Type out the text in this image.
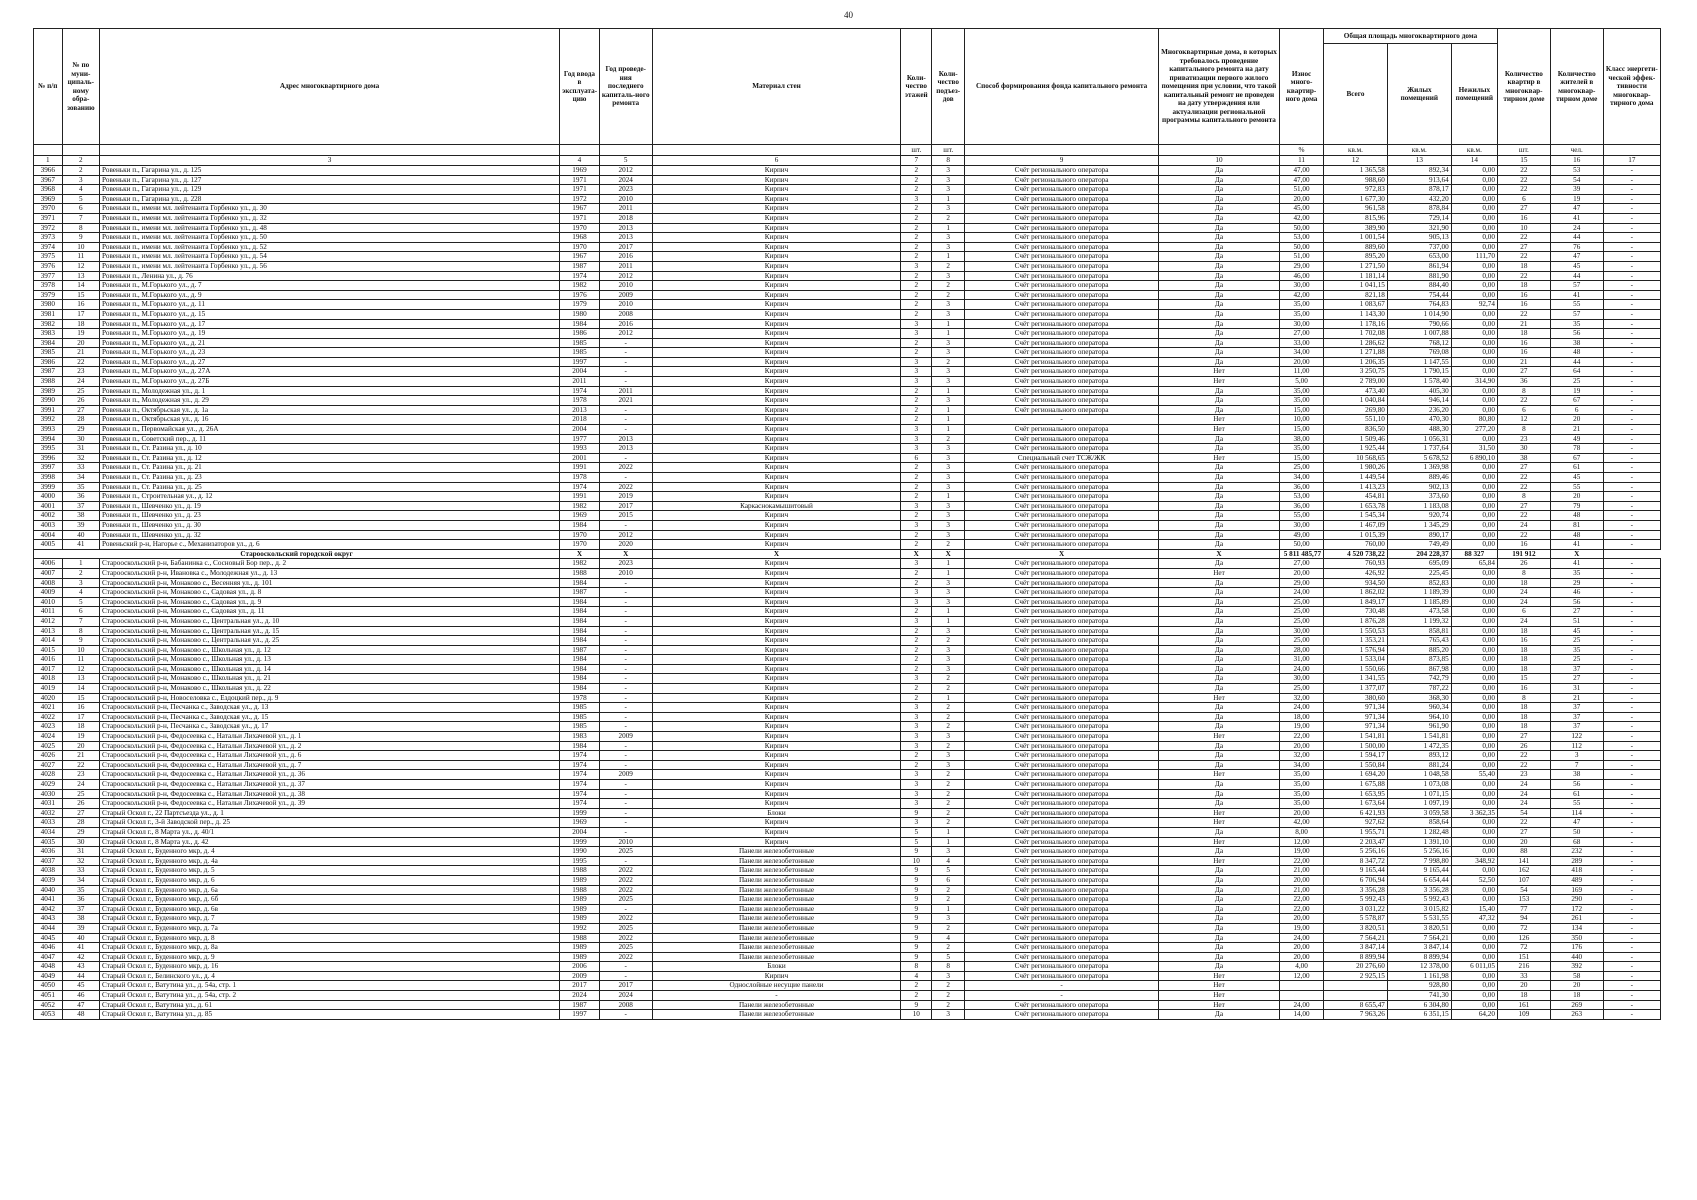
40
№ п/п	№ по муни-ципаль-ному обра-зованию	Адрес многоквартирного дома	Год ввода в эксплуата-цию	Год проведе-ния последнего капиталь-ного ремонта	Материал стен	Коли-чество этажей	Коли-чество подъез-дов	Способ формирования фонда капитального ремонта	Многоквартирные дома, в которых требовалось проведение капитального ремонта на дату приватизации первого жилого помещения при условии, что такой капитальный ремонт не проведен на дату утверждения или актуализации региональной программы капитального ремонта	Износ много-квартир-ного дома	Общая площадь многоквартирного дома			Количество квартир в многоквар-тирном доме	Количество жителей в многоквар-тирном доме	Класс энергети-ческой эффек-тивности многоквар-тирного дома
											Всего	Жилых помещений	Нежилых помещений			
						шт.	шт.			%	кв.м.	кв.м.	кв.м.	шт.	чел.	
1	2	3	4	5	6	7	8	9	10	11	12	13	14	15	16	17
3966	2	Ровеньки п., Гагарина ул., д. 125	1969	2012	Кирпич	2	3	Счёт регионального оператора	Да	47,00	1 365,58	892,34	0,00	22	53	-
3967	3	Ровеньки п., Гагарина ул., д. 127	1971	2024	Кирпич	2	3	Счёт регионального оператора	Да	47,00	988,60	913,64	0,00	22	54	-
3968	4	Ровеньки п., Гагарина ул., д. 129	1971	2023	Кирпич	2	3	Счёт регионального оператора	Да	51,00	972,83	878,17	0,00	22	39	-
3969	5	Ровеньки п., Гагарина ул., д. 228	1972	2010	Кирпич	3	1	Счёт регионального оператора	Да	20,00	1 677,30	432,20	0,00	6	19	-
3970	6	Ровеньки п., имени мл. лейтенанта Горбенко ул., д. 30	1967	2011	Кирпич	2	3	Счёт регионального оператора	Да	45,00	961,58	878,84	0,00	27	47	-
3971	7	Ровеньки п., имени мл. лейтенанта Горбенко ул., д. 32	1971	2018	Кирпич	2	2	Счёт регионального оператора	Да	42,00	815,96	729,14	0,00	16	41	-
3972	8	Ровеньки п., имени мл. лейтенанта Горбенко ул., д. 48	1970	2013	Кирпич	2	1	Счёт регионального оператора	Да	50,00	389,90	321,90	0,00	10	24	-
3973	9	Ровеньки п., имени мл. лейтенанта Горбенко ул., д. 50	1968	2013	Кирпич	2	3	Счёт регионального оператора	Да	53,00	1 001,54	905,13	0,00	22	44	-
3974	10	Ровеньки п., имени мл. лейтенанта Горбенко ул., д. 52	1970	2017	Кирпич	2	3	Счёт регионального оператора	Да	50,00	889,60	737,00	0,00	27	76	-
3975	11	Ровеньки п., имени мл. лейтенанта Горбенко ул., д. 54	1967	2016	Кирпич	2	1	Счёт регионального оператора	Да	51,00	895,20	653,00	111,70	22	47	-
3976	12	Ровеньки п., имени мл. лейтенанта Горбенко ул., д. 56	1987	2011	Кирпич	3	2	Счёт регионального оператора	Да	29,00	1 271,50	861,94	0,00	18	45	-
3977	13	Ровеньки п., Ленина ул., д. 76	1974	2012	Кирпич	2	3	Счёт регионального оператора	Да	46,00	1 181,14	881,90	0,00	22	44	-
3978	14	Ровеньки п., М.Горького ул., д. 7	1982	2010	Кирпич	2	2	Счёт регионального оператора	Да	30,00	1 041,15	884,40	0,00	18	57	-
3979	15	Ровеньки п., М.Горького ул., д. 9	1976	2009	Кирпич	2	2	Счёт регионального оператора	Да	42,00	821,18	754,44	0,00	16	41	-
3980	16	Ровеньки п., М.Горького ул., д. 11	1979	2010	Кирпич	2	3	Счёт регионального оператора	Да	35,00	1 083,67	764,83	92,74	16	55	-
3981	17	Ровеньки п., М.Горького ул., д. 15	1980	2008	Кирпич	2	3	Счёт регионального оператора	Да	35,00	1 143,30	1 014,90	0,00	22	57	-
3982	18	Ровеньки п., М.Горького ул., д. 17	1984	2016	Кирпич	3	1	Счёт регионального оператора	Да	30,00	1 178,16	790,66	0,00	21	35	-
3983	19	Ровеньки п., М.Горького ул., д. 19	1986	2012	Кирпич	3	1	Счёт регионального оператора	Да	27,00	1 702,08	1 007,88	0,00	18	56	-
3984	20	Ровеньки п., М.Горького ул., д. 21	1985	-	Кирпич	2	3	Счёт регионального оператора	Да	33,00	1 286,62	768,12	0,00	16	38	-
3985	21	Ровеньки п., М.Горького ул., д. 23	1985	-	Кирпич	2	3	Счёт регионального оператора	Да	34,00	1 271,88	769,08	0,00	16	48	-
3986	22	Ровеньки п., М.Горького ул., д. 27	1997	-	Кирпич	3	2	Счёт регионального оператора	Да	20,00	1 206,35	1 147,55	0,00	21	44	-
3987	23	Ровеньки п., М.Горького ул., д. 27А	2004	-	Кирпич	3	3	Счёт регионального оператора	Нет	11,00	3 250,75	1 790,15	0,00	27	64	-
3988	24	Ровеньки п., М.Горького ул., д. 27Б	2011	-	Кирпич	3	3	Счёт регионального оператора	Нет	5,00	2 789,00	1 578,40	314,90	36	25	-
3989	25	Ровеньки п., Молодежная ул., д. 1	1974	2011	Кирпич	2	1	Счёт регионального оператора	Да	35,00	473,40	405,30	0,00	8	19	-
3990	26	Ровеньки п., Молодежная ул., д. 29	1978	2021	Кирпич	2	3	Счёт регионального оператора	Да	35,00	1 040,84	946,14	0,00	22	67	-
3991	27	Ровеньки п., Октябрьская ул., д. 1а	2013	-	Кирпич	2	1	Счёт регионального оператора	Да	15,00	269,80	236,20	0,00	6	6	-
3992	28	Ровеньки п., Октябрьская ул., д. 16	2018	-	Кирпич	2	1	-	Нет	10,00	551,10	470,30	80,80	12	20	-
3993	29	Ровеньки п., Первомайская ул., д. 26А	2004	-	Кирпич	3	1	Счёт регионального оператора	Нет	15,00	836,50	488,30	277,20	8	21	-
3994	30	Ровеньки п., Советский пер., д. 11	1977	2013	Кирпич	3	2	Счёт регионального оператора	Да	38,00	1 509,46	1 056,31	0,00	23	49	-
3995	31	Ровеньки п., Ст. Разина ул., д. 10	1993	2013	Кирпич	3	3	Счёт регионального оператора	Да	35,00	1 925,44	1 737,64	31,50	30	78	-
3996	32	Ровеньки п., Ст. Разина ул., д. 12	2001	-	Кирпич	6	3	Специальный счет ТСЖ/ЖК	Нет	15,00	10 568,65	5 678,52	6 890,10	38	67	-
3997	33	Ровеньки п., Ст. Разина ул., д. 21	1991	2022	Кирпич	2	3	Счёт регионального оператора	Да	25,00	1 980,26	1 369,98	0,00	27	61	-
3998	34	Ровеньки п., Ст. Разина ул., д. 23	1978	-	Кирпич	2	3	Счёт регионального оператора	Да	34,00	1 449,54	889,46	0,00	22	45	-
3999	35	Ровеньки п., Ст. Разина ул., д. 25	1974	2022	Кирпич	2	3	Счёт регионального оператора	Да	36,00	1 413,23	902,13	0,00	22	55	-
4000	36	Ровеньки п., Строительная ул., д. 12	1991	2019	Кирпич	2	1	Счёт регионального оператора	Да	53,00	454,81	373,60	0,00	8	20	-
4001	37	Ровеньки п., Шевченко ул., д. 19	1982	2017	Каркаснокамышитовый	3	3	Счёт регионального оператора	Да	36,00	1 653,78	1 183,08	0,00	27	79	-
4002	38	Ровеньки п., Шевченко ул., д. 23	1969	2015	Кирпич	2	3	Счёт регионального оператора	Да	55,00	1 545,34	920,74	0,00	22	48	-
4003	39	Ровеньки п., Шевченко ул., д. 30	1984	-	Кирпич	3	3	Счёт регионального оператора	Да	30,00	1 467,09	1 345,29	0,00	24	81	-
4004	40	Ровеньки п., Шевченко ул., д. 32	1970	2012	Кирпич	2	3	Счёт регионального оператора	Да	49,00	1 015,39	890,17	0,00	22	48	-
4005	41	Ровеньский р-н, Нагорье с., Механизаторов ул., д. 6	1970	2020	Кирпич	2	2	Счёт регионального оператора	Да	50,00	760,00	749,49	0,00	16	41	-
Старооскольский городской округ			X	X	X	X	X	X	X	5 811 485,77	4 520 738,22	204 228,37	88 327	191 912	X	
4006	1	Старооскольский р-н, Бабанинка с., Сосновый Бор пер., д. 2	1982	2023	Кирпич	3	1	Счёт регионального оператора	Да	27,00	760,93	695,09	65,84	26	41	-
4007	2	Старооскольский р-н, Ивановка с., Молодежная ул., д. 13	1988	2010	Кирпич	2	1	Счёт регионального оператора	Нет	20,00	426,92	225,45	0,00	8	35	-
4008	3	Старооскольский р-н, Монаково с., Весенняя ул., д. 101	1984	-	Кирпич	2	3	Счёт регионального оператора	Да	29,00	934,50	852,83	0,00	18	29	-
4009	4	Старооскольский р-н, Монаково с., Садовая ул., д. 8	1987	-	Кирпич	3	3	Счёт регионального оператора	Да	24,00	1 862,02	1 189,39	0,00	24	46	-
4010	5	Старооскольский р-н, Монаково с., Садовая ул., д. 9	1984	-	Кирпич	3	3	Счёт регионального оператора	Да	25,00	1 849,17	1 185,89	0,00	24	56	-
4011	6	Старооскольский р-н, Монаково с., Садовая ул., д. 11	1984	-	Кирпич	2	1	Счёт регионального оператора	Да	25,00	730,48	473,58	0,00	6	27	-
4012	7	Старооскольский р-н, Монаково с., Центральная ул., д. 10	1984	-	Кирпич	3	1	Счёт регионального оператора	Да	25,00	1 876,28	1 199,32	0,00	24	51	-
4013	8	Старооскольский р-н, Монаково с., Центральная ул., д. 15	1984	-	Кирпич	2	3	Счёт регионального оператора	Да	30,00	1 550,53	858,81	0,00	18	45	-
4014	9	Старооскольский р-н, Монаково с., Центральная ул., д. 25	1984	-	Кирпич	2	2	Счёт регионального оператора	Да	25,00	1 353,21	765,43	0,00	16	25	-
4015	10	Старооскольский р-н, Монаково с., Школьная ул., д. 12	1987	-	Кирпич	2	3	Счёт регионального оператора	Да	28,00	1 576,94	885,20	0,00	18	35	-
4016	11	Старооскольский р-н, Монаково с., Школьная ул., д. 13	1984	-	Кирпич	2	3	Счёт регионального оператора	Да	31,00	1 533,04	873,85	0,00	18	25	-
4017	12	Старооскольский р-н, Монаково с., Школьная ул., д. 14	1984	-	Кирпич	2	3	Счёт регионального оператора	Да	24,00	1 550,66	867,98	0,00	18	37	-
4018	13	Старооскольский р-н, Монаково с., Школьная ул., д. 21	1984	-	Кирпич	3	2	Счёт регионального оператора	Да	30,00	1 341,55	742,79	0,00	15	27	-
4019	14	Старооскольский р-н, Монаково с., Школьная ул., д. 22	1984	-	Кирпич	2	2	Счёт регионального оператора	Да	25,00	1 377,07	787,22	0,00	16	31	-
4020	15	Старооскольский р-н, Новоселовка с., Ездоцкий пер., д. 9	1978	-	Кирпич	2	1	Счёт регионального оператора	Нет	32,00	380,60	368,30	0,00	8	21	-
4021	16	Старооскольский р-н, Песчанка с., Заводская ул., д. 13	1985	-	Кирпич	3	2	Счёт регионального оператора	Да	24,00	971,34	960,34	0,00	18	37	-
4022	17	Старооскольский р-н, Песчанка с., Заводская ул., д. 15	1985	-	Кирпич	3	2	Счёт регионального оператора	Да	18,00	971,34	964,10	0,00	18	37	-
4023	18	Старооскольский р-н, Песчанка с., Заводская ул., д. 17	1985	-	Кирпич	3	2	Счёт регионального оператора	Да	19,00	971,34	961,90	0,00	18	37	-
4024	19	Старооскольский р-н, Федосеевка с., Натальи Лихачевой ул., д. 1	1983	2009	Кирпич	3	3	Счёт регионального оператора	Нет	22,00	1 541,81	1 541,81	0,00	27	122	-
4025	20	Старооскольский р-н, Федосеевка с., Натальи Лихачевой ул., д. 2	1984	-	Кирпич	3	2	Счёт регионального оператора	Да	20,00	1 500,00	1 472,35	0,00	26	112	-
4026	21	Старооскольский р-н, Федосеевка с., Натальи Лихачевой ул., д. 6	1974	-	Кирпич	2	3	Счёт регионального оператора	Да	32,00	1 594,17	893,12	0,00	22	3	-
4027	22	Старооскольский р-н, Федосеевка с., Натальи Лихачевой ул., д. 7	1974	-	Кирпич	2	3	Счёт регионального оператора	Да	34,00	1 550,84	881,24	0,00	22	7	-
4028	23	Старооскольский р-н, Федосеевка с., Натальи Лихачевой ул., д. 36	1974	2009	Кирпич	3	2	Счёт регионального оператора	Нет	35,00	1 694,20	1 048,58	55,40	23	38	-
4029	24	Старооскольский р-н, Федосеевка с., Натальи Лихачевой ул., д. 37	1974	-	Кирпич	3	2	Счёт регионального оператора	Да	35,00	1 675,88	1 073,08	0,00	24	56	-
4030	25	Старооскольский р-н, Федосеевка с., Натальи Лихачевой ул., д. 38	1974	-	Кирпич	3	2	Счёт регионального оператора	Да	35,00	1 653,95	1 071,15	0,00	24	61	-
4031	26	Старооскольский р-н, Федосеевка с., Натальи Лихачевой ул., д. 39	1974	-	Кирпич	3	2	Счёт регионального оператора	Да	35,00	1 673,64	1 097,19	0,00	24	55	-
4032	27	Старый Оскол г., 22 Партсъезда ул., д. 1	1999	-	Блоки	9	2	Счёт регионального оператора	Нет	20,00	6 421,93	3 059,58	3 362,35	54	114	-
4033	28	Старый Оскол г., 3-й Заводской пер., д. 25	1969	-	Кирпич	3	2	Счёт регионального оператора	Нет	42,00	927,62	858,64	0,00	22	47	-
4034	29	Старый Оскол г., 8 Марта ул., д. 40/1	2004	-	Кирпич	5	1	Счёт регионального оператора	Да	8,00	1 955,71	1 282,48	0,00	27	50	-
4035	30	Старый Оскол г., 8 Марта ул., д. 42	1999	2010	Кирпич	5	1	Счёт регионального оператора	Нет	12,00	2 203,47	1 391,10	0,00	20	68	-
4036	31	Старый Оскол г., Буденного мкр, д. 4	1990	2025	Панели железобетонные	9	3	Счёт регионального оператора	Да	19,00	5 256,16	5 256,16	0,00	88	232	-
4037	32	Старый Оскол г., Буденного мкр, д. 4а	1995	-	Панели железобетонные	10	4	Счёт регионального оператора	Нет	22,00	8 347,72	7 998,80	348,92	141	289	-
4038	33	Старый Оскол г., Буденного мкр, д. 5	1988	2022	Панели железобетонные	9	5	Счёт регионального оператора	Да	21,00	9 165,44	9 165,44	0,00	162	418	-
4039	34	Старый Оскол г., Буденного мкр, д. 6	1989	2022	Панели железобетонные	9	6	Счёт регионального оператора	Да	20,00	6 706,94	6 654,44	52,50	107	489	-
4040	35	Старый Оскол г., Буденного мкр, д. 6а	1988	2022	Панели железобетонные	9	2	Счёт регионального оператора	Да	21,00	3 356,28	3 356,28	0,00	54	169	-
4041	36	Старый Оскол г., Буденного мкр, д. 6б	1989	2025	Панели железобетонные	9	2	Счёт регионального оператора	Да	22,00	5 992,43	5 992,43	0,00	153	290	-
4042	37	Старый Оскол г., Буденного мкр, д. 6в	1989	-	Панели железобетонные	9	1	Счёт регионального оператора	Да	22,00	3 031,22	3 015,82	15,40	77	172	-
4043	38	Старый Оскол г., Буденного мкр, д. 7	1989	2022	Панели железобетонные	9	3	Счёт регионального оператора	Да	20,00	5 578,87	5 531,55	47,32	94	261	-
4044	39	Старый Оскол г., Буденного мкр, д. 7а	1992	2025	Панели железобетонные	9	2	Счёт регионального оператора	Да	19,00	3 820,51	3 820,51	0,00	72	134	-
4045	40	Старый Оскол г., Буденного мкр, д. 8	1988	2022	Панели железобетонные	9	4	Счёт регионального оператора	Да	24,00	7 564,21	7 564,21	0,00	126	350	-
4046	41	Старый Оскол г., Буденного мкр, д. 8а	1989	2025	Панели железобетонные	9	2	Счёт регионального оператора	Да	20,00	3 847,14	3 847,14	0,00	72	176	-
4047	42	Старый Оскол г., Буденного мкр, д. 9	1989	2022	Панели железобетонные	9	5	Счёт регионального оператора	Да	20,00	8 899,94	8 899,94	0,00	151	440	-
4048	43	Старый Оскол г., Буденного мкр, д. 16	2006	-	Блоки	8	8	Счёт регионального оператора	Да	4,00	20 276,60	12 378,00	6 011,05	216	392	-
4049	44	Старый Оскол г., Белинского ул., д. 4	2009	-	Кирпич	4	3	Счёт регионального оператора	Нет	12,00	2 925,15	1 161,98	0,00	33	58	-
4050	45	Старый Оскол г., Ватутина ул., д. 54а, стр. 1	2017	2017	Однослойные несущие панели	2	2	-	Нет			928,80	0,00	20	20	-
4051	46	Старый Оскол г., Ватутина ул., д. 54а, стр. 2	2024	2024	-	2	2	-	Нет			741,30	0,00	18	18	-
4052	47	Старый Оскол г., Ватутина ул., д. 61	1987	2008	Панели железобетонные	9	2	Счёт регионального оператора	Нет	24,00	8 655,47	6 304,80	0,00	161	269	-
4053	48	Старый Оскол г., Ватутина ул., д. 85	1997	-	Панели железобетонные	10	3	Счёт регионального оператора	Да	14,00	7 963,26	6 351,15	64,20	109	263	-
